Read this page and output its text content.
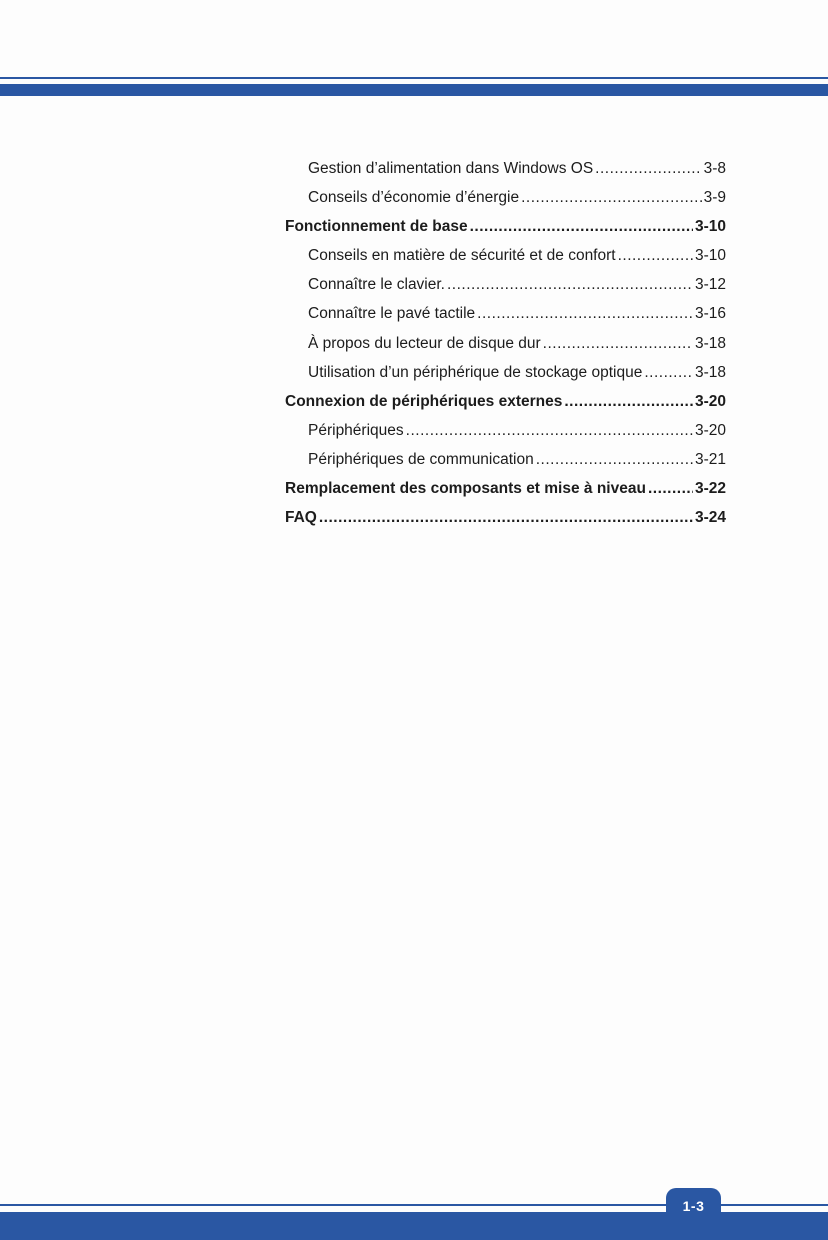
Gestion d’alimentation dans Windows OS .....	3-8
Conseils d’économie d’énergie .....	3-9
Fonctionnement de base .....	3-10
Conseils en matière de sécurité et de confort .....	3-10
Connaître le clavier. .....	3-12
Connaître le pavé tactile .....	3-16
À propos du lecteur de disque dur .....	3-18
Utilisation d’un périphérique de stockage optique .....	3-18
Connexion de périphériques externes .....	3-20
Périphériques .....	3-20
Périphériques de communication .....	3-21
Remplacement des composants et mise à niveau .....	3-22
FAQ .....	3-24
1-3
